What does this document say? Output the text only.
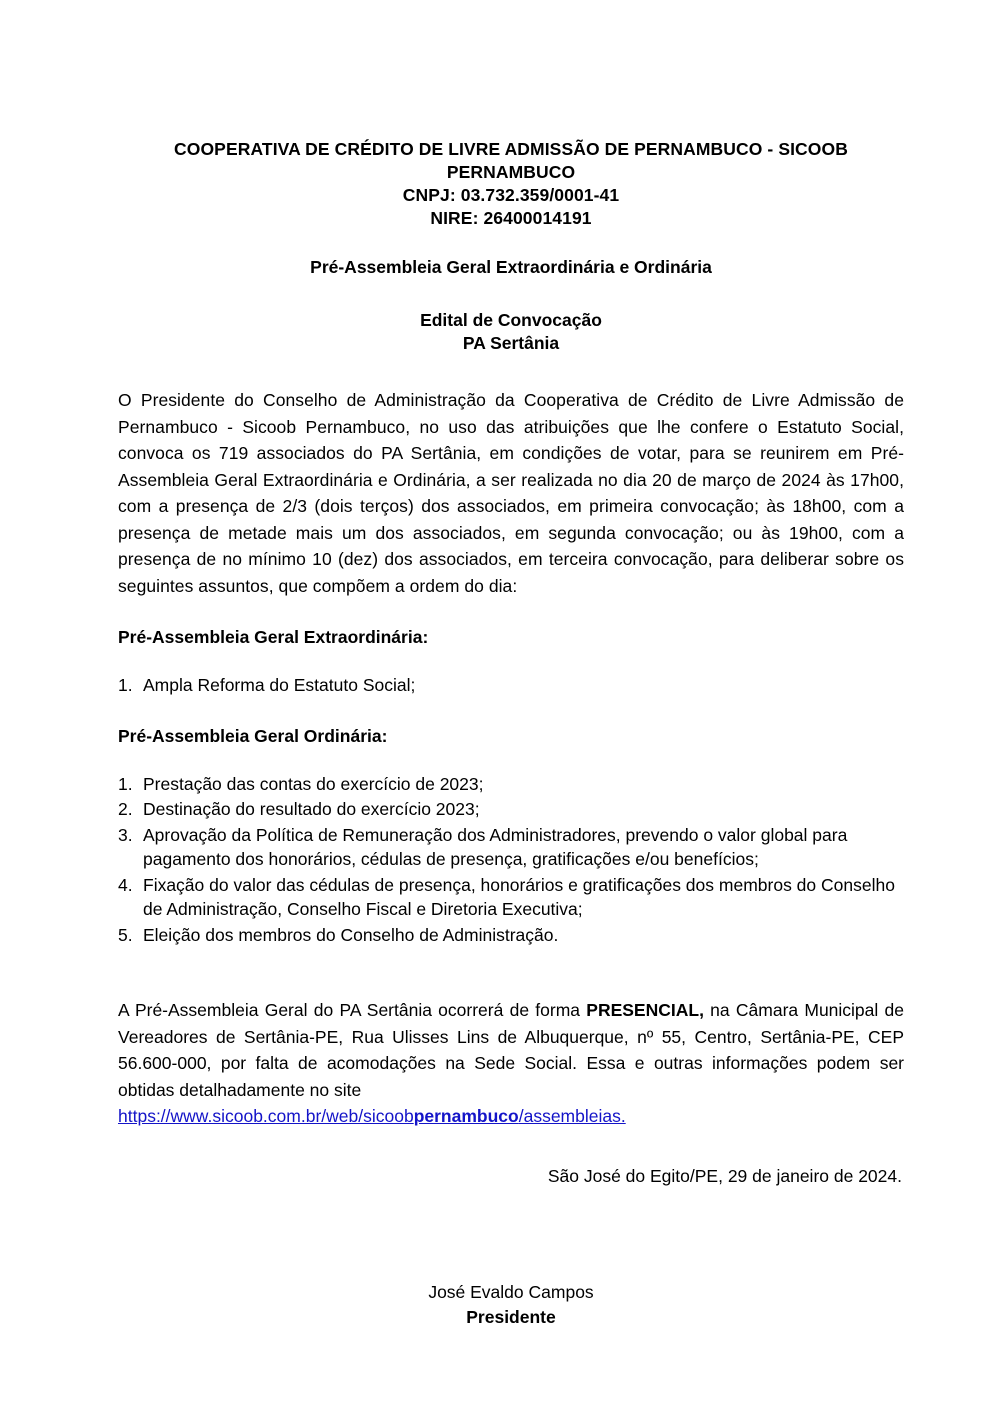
COOPERATIVA DE CRÉDITO DE LIVRE ADMISSÃO DE PERNAMBUCO - SICOOB
PERNAMBUCO
CNPJ: 03.732.359/0001-41
NIRE: 26400014191
Pré-Assembleia Geral Extraordinária e Ordinária
Edital de Convocação
PA Sertânia

O Presidente do Conselho de Administração da Cooperativa de Crédito de Livre Admissão de Pernambuco - Sicoob Pernambuco, no uso das atribuições que lhe confere o Estatuto Social, convoca os 719 associados do PA Sertânia, em condições de votar, para se reunirem em Pré-Assembleia Geral Extraordinária e Ordinária, a ser realizada no dia 20 de março de 2024 às 17h00, com a presença de 2/3 (dois terços) dos associados, em primeira convocação; às 18h00, com a presença de metade mais um dos associados, em segunda convocação; ou às 19h00, com a presença de no mínimo 10 (dez) dos associados, em terceira convocação, para deliberar sobre os seguintes assuntos, que compõem a ordem do dia:

Pré-Assembleia Geral Extraordinária:
1. Ampla Reforma do Estatuto Social;
Pré-Assembleia Geral Ordinária:
1. Prestação das contas do exercício de 2023;
2. Destinação do resultado do exercício 2023;
3. Aprovação da Política de Remuneração dos Administradores, prevendo o valor global para pagamento dos honorários, cédulas de presença, gratificações e/ou benefícios;
4. Fixação do valor das cédulas de presença, honorários e gratificações dos membros do Conselho de Administração, Conselho Fiscal e Diretoria Executiva;
5. Eleição dos membros do Conselho de Administração.

A Pré-Assembleia Geral do PA Sertânia ocorrerá de forma PRESENCIAL, na Câmara Municipal de Vereadores de Sertânia-PE, Rua Ulisses Lins de Albuquerque, nº 55, Centro, Sertânia-PE, CEP 56.600-000, por falta de acomodações na Sede Social. Essa e outras informações podem ser obtidas detalhadamente no site
https://www.sicoob.com.br/web/sicoobpernambuco/assembleias.

São José do Egito/PE, 29 de janeiro de 2024.
José Evaldo Campos
Presidente
